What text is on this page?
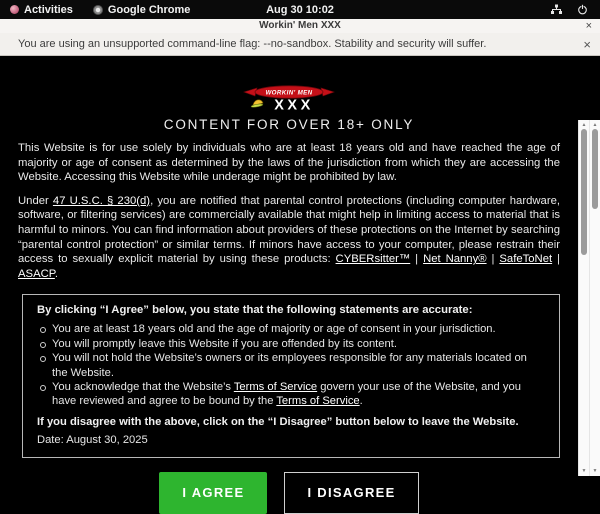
Activities	Google Chrome	Aug 30 10:02
Workin' Men XXX	×
You are using an unsupported command-line flag: --no-sandbox. Stability and security will suffer.	×
WORKIN' MEN
XXX
CONTENT FOR OVER 18+ ONLY

This Website is for use solely by individuals who are at least 18 years old and have reached the age of majority or age of consent as determined by the laws of the jurisdiction from which they are accessing the Website. Accessing this Website while underage might be prohibited by law.

Under 47 U.S.C. § 230(d), you are notified that parental control protections (including computer hardware, software, or filtering services) are commercially available that might help in limiting access to material that is harmful to minors. You can find information about providers of these protections on the Internet by searching “parental control protection” or similar terms. If minors have access to your computer, please restrain their access to sexually explicit material by using these products: CYBERsitter™ | Net Nanny® | SafeToNet | ASACP.

By clicking “I Agree” below, you state that the following statements are accurate:
You are at least 18 years old and the age of majority or age of consent in your jurisdiction.
You will promptly leave this Website if you are offended by its content.
You will not hold the Website’s owners or its employees responsible for any materials located on the Website.
You acknowledge that the Website’s Terms of Service govern your use of the Website, and you have reviewed and agree to be bound by the Terms of Service.
If you disagree with the above, click on the “I Disagree” button below to leave the Website.
Date: August 30, 2025
I AGREE	I DISAGREE
▲
▼
▲
▼
